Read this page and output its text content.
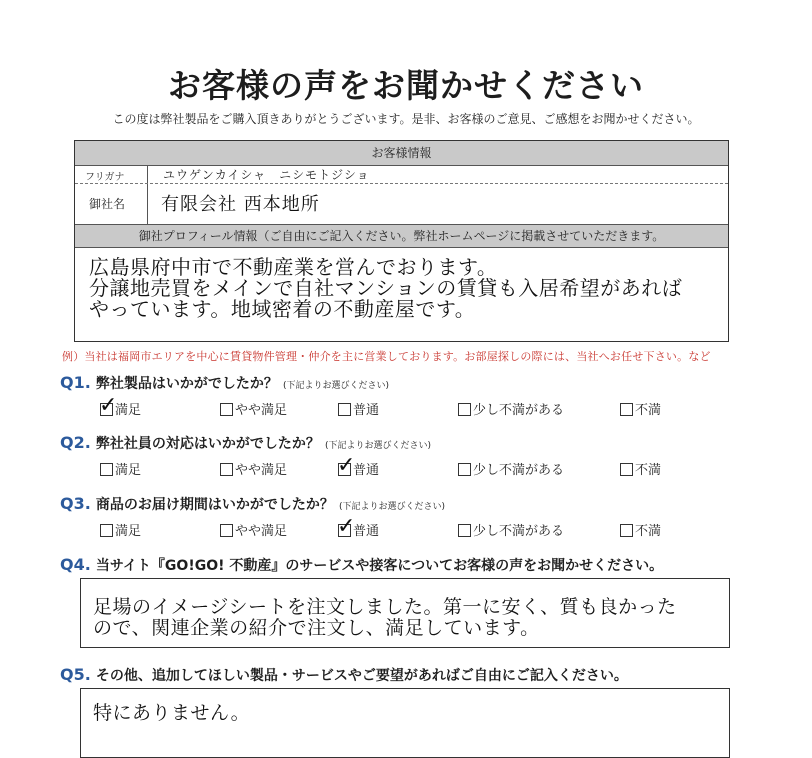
お客様の声をお聞かせください
この度は弊社製品をご購入頂きありがとうございます。是非、お客様のご意見、ご感想をお聞かせください。
お客様情報
フリガナ	ユウゲンカイシャ　ニシモトジショ
御社名 有限会社 西本地所
御社プロフィール情報（ご自由にご記入ください。弊社ホームページに掲載させていただきます。
広島県府中市で不動産業を営んでおります。
分譲地売買をメインで自社マンションの賃貸も入居希望があれば
やっています。地域密着の不動産屋です。
例）当社は福岡市エリアを中心に賃貸物件管理・仲介を主に営業しております。お部屋探しの際には、当社へお任せ下さい。など
Q1. 弊社製品はいかがでしたか？ (下記よりお選びください)
✓
満足	やや満足	普通	少し不満がある	不満
Q2. 弊社社員の対応はいかがでしたか？ (下記よりお選びください)
満足	やや満足 ✓
普通	少し不満がある	不満
Q3. 商品のお届け期間はいかがでしたか？ (下記よりお選びください)
満足	やや満足 ✓
普通	少し不満がある	不満
Q4. 当サイト『GO!GO! 不動産』のサービスや接客についてお客様の声をお聞かせください。
足場のイメージシートを注文しました。第一に安く、質も良かった
ので、関連企業の紹介で注文し、満足しています。
Q5. その他、追加してほしい製品・サービスやご要望があればご自由にご記入ください。
特にありません。
